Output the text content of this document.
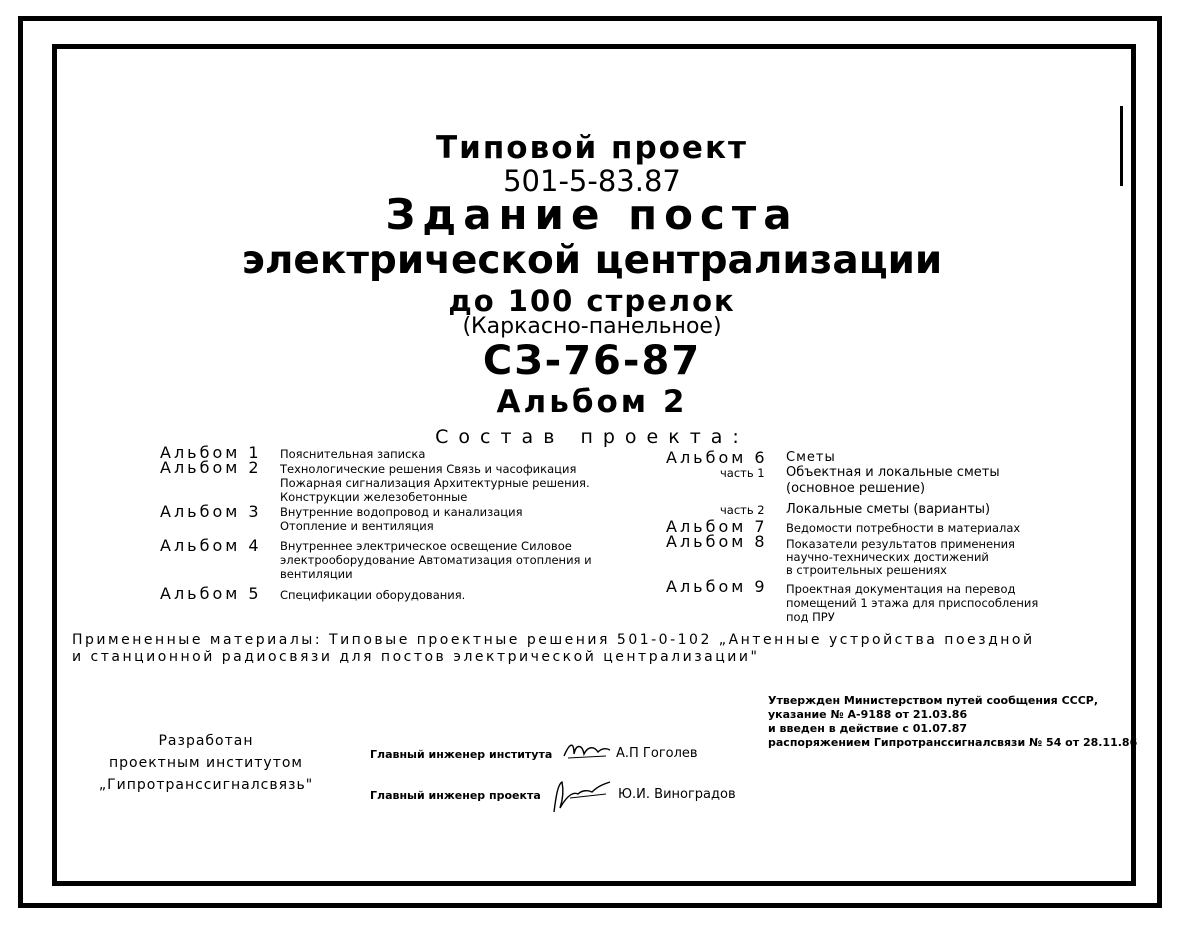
Типовой проект
501-5-83.87
Здание поста
электрической централизации
до 100 стрелок
(Каркасно-панельное)
СЗ-76-87
Альбом 2
Состав проекта:
Альбом 1 Пояснительная записка
Альбом 2 Технологические решения Связь и часофикация
Пожарная сигнализация Архитектурные решения.
Конструкции железобетонные
Альбом 3 Внутренние водопровод и канализация
Отопление и вентиляция
Альбом 4 Внутреннее электрическое освещение Силовое
электрооборудование Автоматизация отопления и
вентиляции
Альбом 5 Спецификации оборудования.
Альбом 6 Сметы
часть 1 Объектная и локальные сметы
(основное решение)
часть 2 Локальные сметы (варианты)
Альбом 7 Ведомости потребности в материалах
Альбом 8 Показатели результатов применения
научно-технических достижений
в строительных решениях
Альбом 9 Проектная документация на перевод
помещений 1 этажа для приспособления
под ПРУ
Примененные материалы: Типовые проектные решения 501-0-102 „Антенные устройства поездной
и станционной радиосвязи для постов электрической централизации"
Утвержден Министерством путей сообщения СССР,
указание № А-9188 от 21.03.86
и введен в действие с 01.07.87
распоряжением Гипротранссигналсвязи № 54 от 28.11.86
Разработан
проектным институтом
„Гипротранссигналсвязь"
Главный инженер института	А.П Гоголев
Главный инженер проекта	Ю.И. Виноградов
